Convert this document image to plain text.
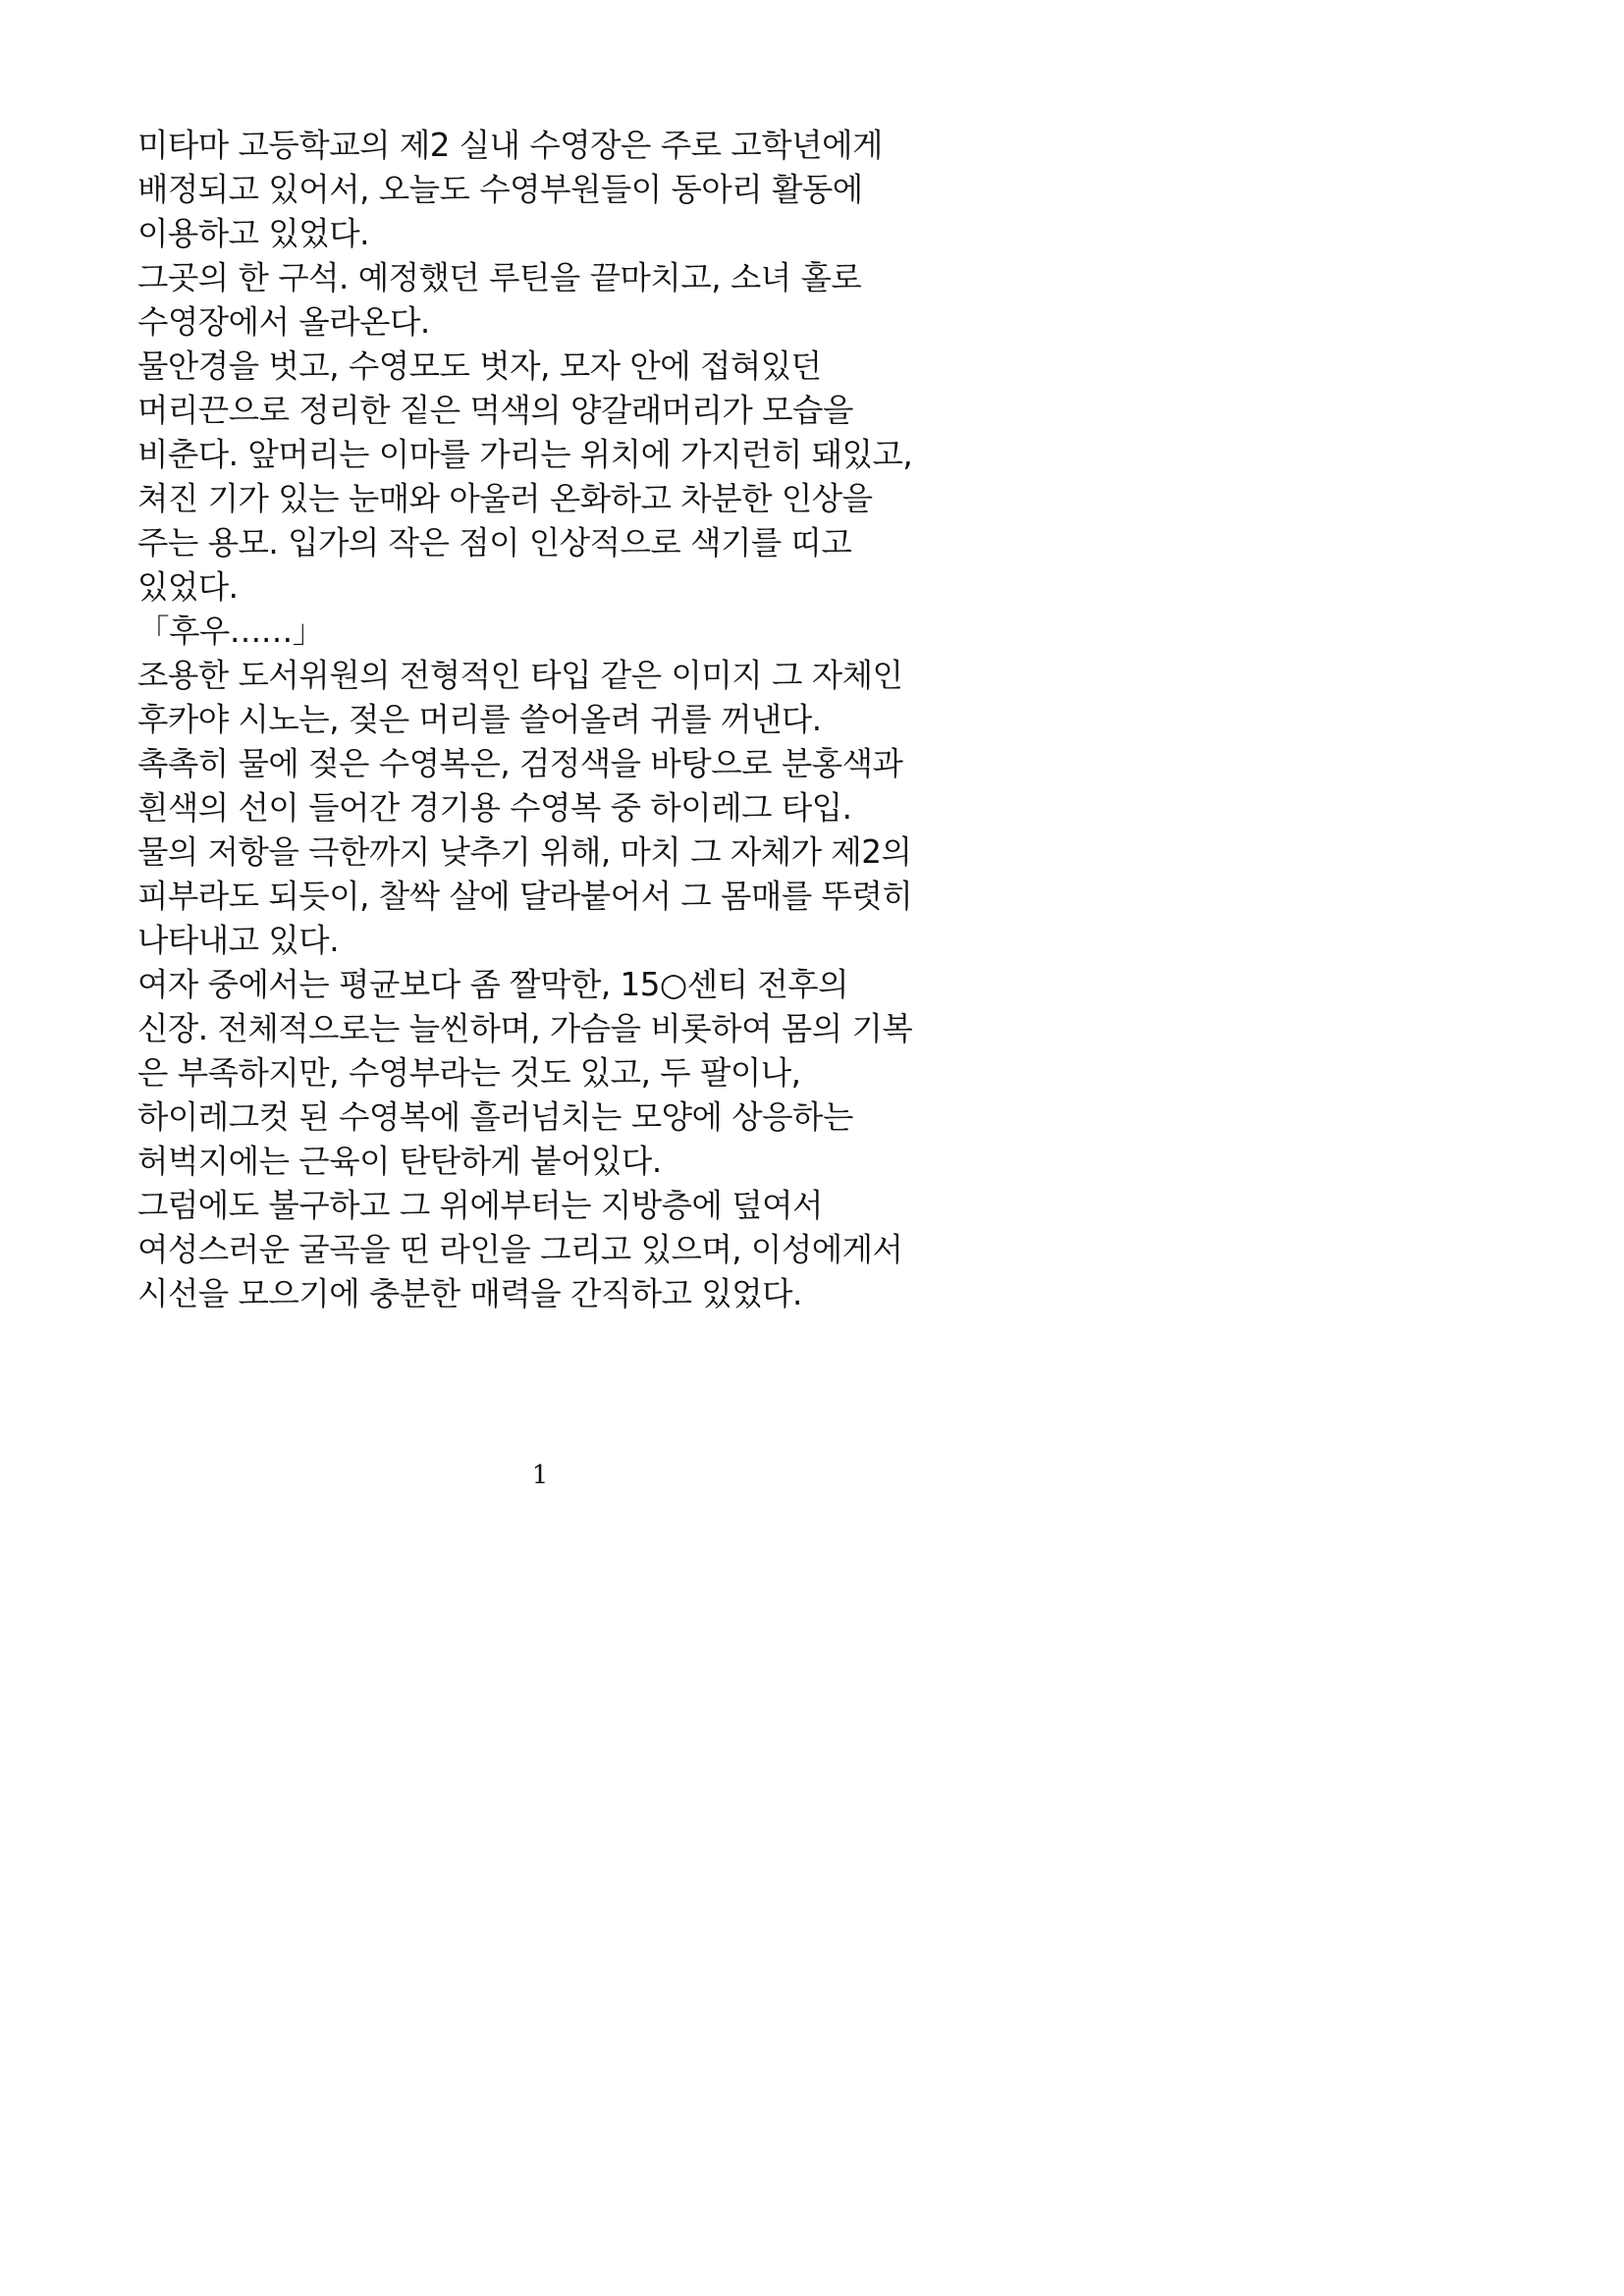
미타마 고등학교의 제2 실내 수영장은 주로 고학년에게
배정되고 있어서, 오늘도 수영부원들이 동아리 활동에
이용하고 있었다.
그곳의 한 구석. 예정했던 루틴을 끝마치고, 소녀 홀로
수영장에서 올라온다.
물안경을 벗고, 수영모도 벗자, 모자 안에 접혀있던
머리끈으로 정리한 짙은 먹색의 양갈래머리가 모습을
비춘다. 앞머리는 이마를 가리는 위치에 가지런히 돼있고,
쳐진 기가 있는 눈매와 아울러 온화하고 차분한 인상을
주는 용모. 입가의 작은 점이 인상적으로 색기를 띠고
있었다.
「후우……」
조용한 도서위원의 전형적인 타입 같은 이미지 그 자체인
후카야 시노는, 젖은 머리를 쓸어올려 귀를 꺼낸다.
촉촉히 물에 젖은 수영복은, 검정색을 바탕으로 분홍색과
흰색의 선이 들어간 경기용 수영복 중 하이레그 타입.
물의 저항을 극한까지 낮추기 위해, 마치 그 자체가 제2의
피부라도 되듯이, 찰싹 살에 달라붙어서 그 몸매를 뚜렷히
나타내고 있다.
여자 중에서는 평균보다 좀 짤막한, 15○센티 전후의
신장. 전체적으로는 늘씬하며, 가슴을 비롯하여 몸의 기복
은 부족하지만, 수영부라는 것도 있고, 두 팔이나,
하이레그컷 된 수영복에 흘러넘치는 모양에 상응하는
허벅지에는 근육이 탄탄하게 붙어있다.
그럼에도 불구하고 그 위에부터는 지방층에 덮여서
여성스러운 굴곡을 띤 라인을 그리고 있으며, 이성에게서
시선을 모으기에 충분한 매력을 간직하고 있었다.
1
